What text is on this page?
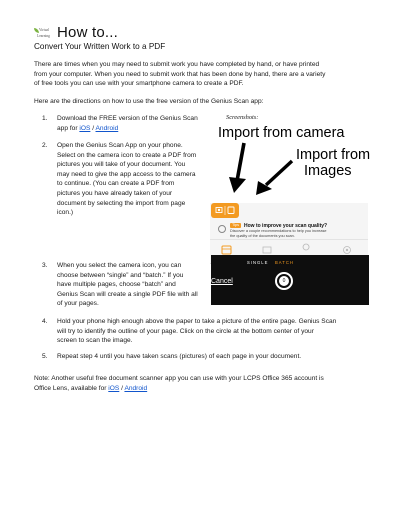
Virtual
Learning How to...
Convert Your Written Work to a PDF
There are times when you may need to submit work you have completed by hand, or have printed
from your computer. When you need to submit work that has been done by hand, there are a variety
of free tools you can use with your smartphone camera to create a PDF.
Here are the directions on how to use the free version of the Genius Scan app:
Screenshots:
1. Download the FREE version of the Genius Scan
app for iOS / Android
2. Open the Genius Scan App on your phone.
Select on the camera icon to create a PDF from
pictures you will take of your document. You
may need to give the app access to the camera
to continue. (You can create a PDF from
pictures you have already taken of your
document by selecting the import from page
icon.)
Import from camera
Import from
Images
Tips How to improve your scan quality?
Discover a couple recommendations to help you increase
the quality of the documents you scan.
3. When you select the camera icon, you can
choose between “single” and “batch.” If you
have multiple pages, choose “batch” and
Genius Scan will create a single PDF file with all
of your pages.
SINGLE BATCH
Cancel	0
4. Hold your phone high enough above the paper to take a picture of the entire page. Genius Scan
will try to identify the outline of your page. Click on the circle at the bottom center of your
screen to scan the image.
5. Repeat step 4 until you have taken scans (pictures) of each page in your document.
Note: Another useful free document scanner app you can use with your LCPS Office 365 account is
Office Lens, available for iOS / Android
